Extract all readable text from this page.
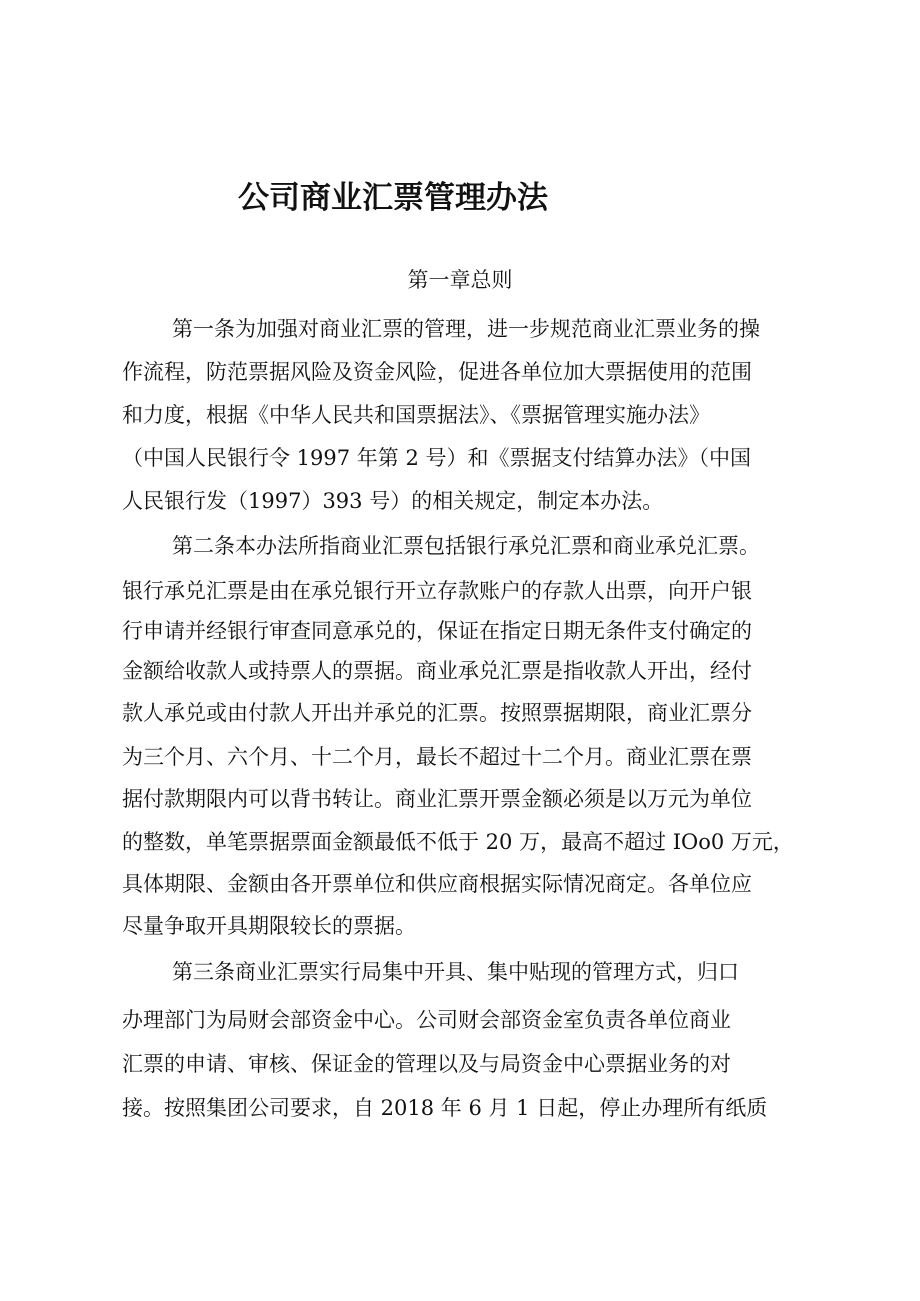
公司商业汇票管理办法
第一章总则
第一条为加强对商业汇票的管理，进一步规范商业汇票业务的操
作流程，防范票据风险及资金风险，促进各单位加大票据使用的范围
和力度，根据《中华人民共和国票据法》、《票据管理实施办法》
（中国人民银行令 1997 年第 2 号）和《票据支付结算办法》（中国
人民银行发（1997）393 号）的相关规定，制定本办法。
第二条本办法所指商业汇票包括银行承兑汇票和商业承兑汇票。
银行承兑汇票是由在承兑银行开立存款账户的存款人出票，向开户银
行申请并经银行审查同意承兑的，保证在指定日期无条件支付确定的
金额给收款人或持票人的票据。商业承兑汇票是指收款人开出，经付
款人承兑或由付款人开出并承兑的汇票。按照票据期限，商业汇票分
为三个月、六个月、十二个月，最长不超过十二个月。商业汇票在票
据付款期限内可以背书转让。商业汇票开票金额必须是以万元为单位
的整数，单笔票据票面金额最低不低于 20 万，最高不超过 IOo0 万元，
具体期限、金额由各开票单位和供应商根据实际情况商定。各单位应
尽量争取开具期限较长的票据。
第三条商业汇票实行局集中开具、集中贴现的管理方式，归口
办理部门为局财会部资金中心。公司财会部资金室负责各单位商业
汇票的申请、审核、保证金的管理以及与局资金中心票据业务的对
接。按照集团公司要求，自 2018 年 6 月 1 日起，停止办理所有纸质
